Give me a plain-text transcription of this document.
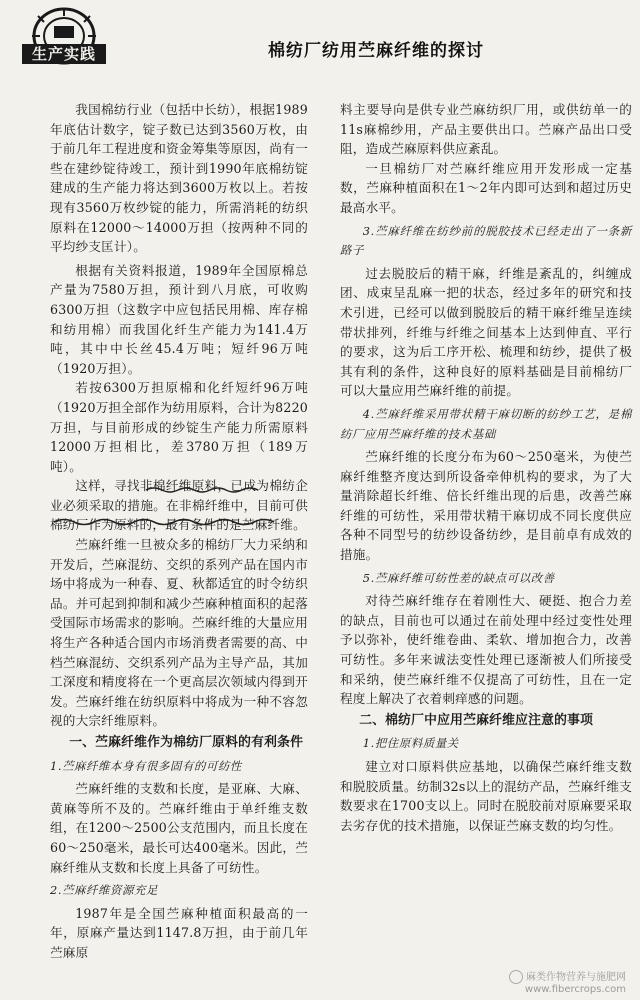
生产实践	棉纺厂纺用苎麻纤维的探讨

我国棉纺行业（包括中长纺），根据1989年底估计数字，锭子数已达到3560万枚，由于前几年工程进度和资金筹集等原因，尚有一些在建纱锭待竣工，预计到1990年底棉纺锭建成的生产能力将达到3600万枚以上。若按现有3560万枚纱锭的能力，所需消耗的纺织原料在12000～14000万担（按两种不同的平均纱支匡计）。

根据有关资料报道，1989年全国原棉总产量为7580万担，预计到八月底，可收购6300万担（这数字中应包括民用棉、库存棉和纺用棉）而我国化纤生产能力为141.4万吨，其中中长丝45.4万吨；短纤96万吨（1920万担）。

若按6300万担原棉和化纤短纤96万吨（1920万担全部作为纺用原料，合计为8220万担，与目前形成的纱锭生产能力所需原料12000万担相比，差3780万担（189万吨）。

这样，寻找非棉纤维原料，已成为棉纺企业必须采取的措施。在非棉纤维中，目前可供棉纺厂作为原料的，最有条件的是苎麻纤维。

苎麻纤维一旦被众多的棉纺厂大力采纳和开发后，苎麻混纺、交织的系列产品在国内市场中将成为一种春、夏、秋都适宜的时令纺织品。并可起到抑制和减少苎麻种植面积的起落受国际市场需求的影响。苎麻纤维的大量应用将生产各种适合国内市场消费者需要的高、中档苎麻混纺、交织系列产品为主导产品，其加工深度和精度将在一个更高层次领域内得到开发。苎麻纤维在纺织原料中将成为一种不容忽视的大宗纤维原料。

一、苎麻纤维作为棉纺厂原料的有利条件
1.苎麻纤维本身有很多固有的可纺性

苎麻纤维的支数和长度，是亚麻、大麻、黄麻等所不及的。苎麻纤维由于单纤维支数组，在1200～2500公支范围内，而且长度在60～250毫米，最长可达400毫米。因此，苎麻纤维从支数和长度上具备了可纺性。

2.苎麻纤维资源充足

1987年是全国苎麻种植面积最高的一年，原麻产量达到1147.8万担，由于前几年苎麻原

料主要导向是供专业苎麻纺织厂用，或供纺单一的11s麻棉纱用，产品主要供出口。苎麻产品出口受阻，造成苎麻原料供应紊乱。

一旦棉纺厂对苎麻纤维应用开发形成一定基数，苎麻种植面积在1～2年内即可达到和超过历史最高水平。

3.苎麻纤维在纺纱前的脱胶技术已经走出了一条新路子

过去脱胶后的精干麻，纤维是紊乱的，纠缠成团、成束呈乱麻一把的状态，经过多年的研究和技术引进，已经可以做到脱胶后的精干麻纤维呈连续带状排列，纤维与纤维之间基本上达到伸直、平行的要求，这为后工序开松、梳理和纺纱，提供了极其有利的条件，这种良好的原料基础是目前棉纺厂可以大量应用苎麻纤维的前提。

4.苎麻纤维采用带状精干麻切断的纺纱工艺，是棉纺厂应用苎麻纤维的技术基础

苎麻纤维的长度分布为60～250毫米，为使苎麻纤维整齐度达到所设备牵伸机构的要求，为了大量消除超长纤维、倍长纤维出现的后患，改善苎麻纤维的可纺性，采用带状精干麻切成不同长度供应各种不同型号的纺纱设备纺纱，是目前卓有成效的措施。

5.苎麻纤维可纺性差的缺点可以改善

对待苎麻纤维存在着刚性大、硬挺、抱合力差的缺点，目前也可以通过在前处理中经过变性处理予以弥补，使纤维卷曲、柔软、增加抱合力，改善可纺性。多年来诚法变性处理已逐渐被人们所接受和采纳，使苎麻纤维不仅提高了可纺性，且在一定程度上解决了衣着刺痒感的问题。

二、棉纺厂中应用苎麻纤维应注意的事项
1.把住原料质量关

建立对口原料供应基地，以确保苎麻纤维支数和脱胶质量。纺制32s以上的混纺产品，苎麻纤维支数要求在1700支以上。同时在脱胶前对原麻要采取去劣存优的技术措施，以保证苎麻支数的均匀性。

麻类作物营养与施肥网
www.fibercrops.com
